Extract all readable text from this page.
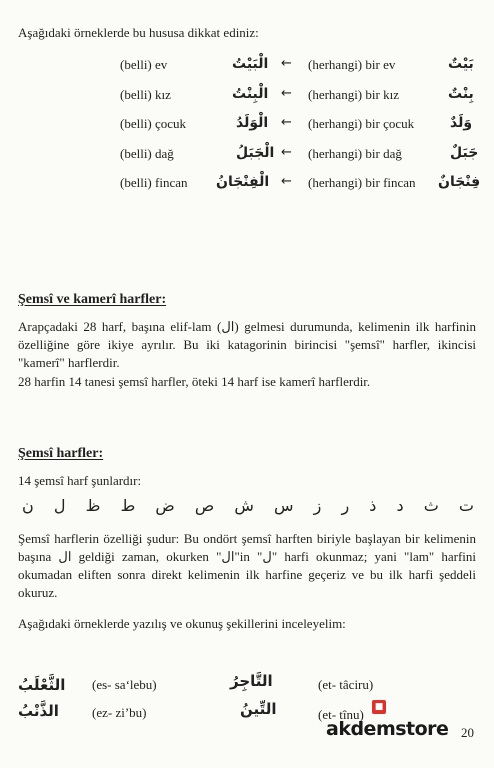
Aşağıdaki örneklerde bu hususa dikkat ediniz:
(belli) ev	الْبَيْتُ ← (herhangi) bir ev	بَيْتٌ
(belli) kız	الْبِنْتُ ← (herhangi) bir kız	بِنْتٌ
(belli) çocuk	الْوَلَدُ ← (herhangi) bir çocuk	وَلَدٌ
(belli) dağ	الْجَبَلُ ← (herhangi) bir dağ	جَبَلٌ
(belli) fincan الْفِنْجَانُ ← (herhangi) bir fincan فِنْجَانٌ
Şemsî ve kamerî harfler:
Arapçadaki 28 harf, başına elif-lam (ال) gelmesi durumunda, kelimenin ilk harfinin özelliğine göre ikiye ayrılır. Bu iki katagorinin birincisi "şemsî" harfler, ikincisi "kamerî" harflerdir.
28 harfin 14 tanesi şemsî harfler, öteki 14 harf ise kamerî harflerdir.
Şemsî harfler:
14 şemsî harf şunlardır:
ت
ث
د
ذ
ر
ز
س
ش
ص
ض
ط
ظ
ل
ن
Şemsî harflerin özelliği şudur: Bu ondört şemsî harften biriyle başlayan bir kelimenin başına ال geldiği zaman, okurken "ال"in "ل" harfi okunmaz; yani "lam" harfini okumadan eliften sonra direkt kelimenin ilk harfine geçeriz ve bu ilk harfi şeddeli okuruz.
Aşağıdaki örneklerde yazılış ve okunuş şekillerini inceleyelim:
الثَّعْلَبُ (es- sa‘lebu)	التَّاجِرُ	(et- tâciru)
الذَّنْبُ	(ez- zi’bu)	التِّينُ	(et- tînu)	■
akdemstore 20
